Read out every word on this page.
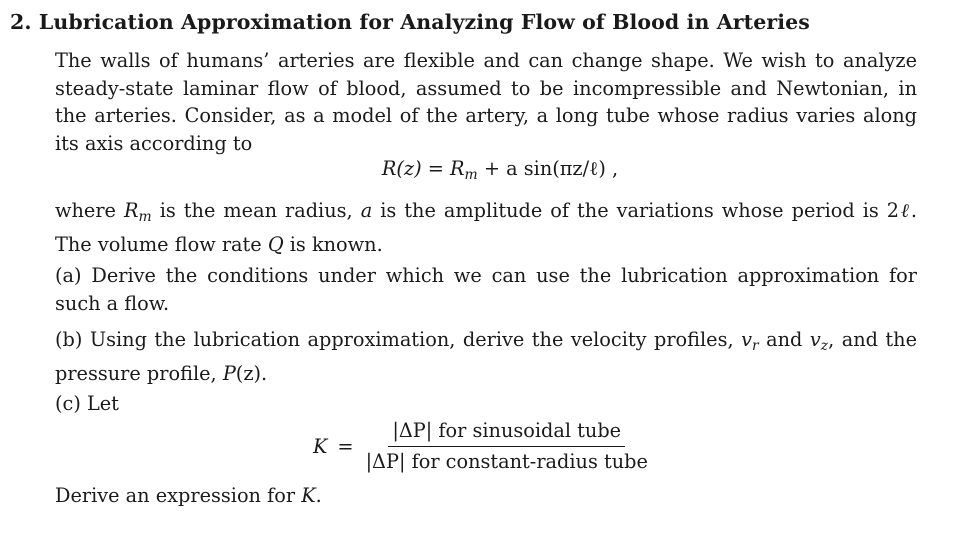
2. Lubrication Approximation for Analyzing Flow of Blood in Arteries
The walls of humans’ arteries are flexible and can change shape. We wish to analyze steady-state laminar flow of blood, assumed to be incompressible and Newtonian, in the arteries. Consider, as a model of the artery, a long tube whose radius varies along its axis according to
$R(z) = R_m + a$ sin(πz/ℓ) ,
where $R_m$ is the mean radius, a is the amplitude of the variations whose period is 2ℓ. The volume flow rate Q is known.
(a) Derive the conditions under which we can use the lubrication approximation for such a flow.
(b) Using the lubrication approximation, derive the velocity profiles, $v_r$ and $v_z$, and the pressure profile, P(z).
(c) Let
$K = \frac{\text{|ΔP| for sinusoidal tube}}{\text{|ΔP| for constant-radius tube}}$
Derive an expression for K.
